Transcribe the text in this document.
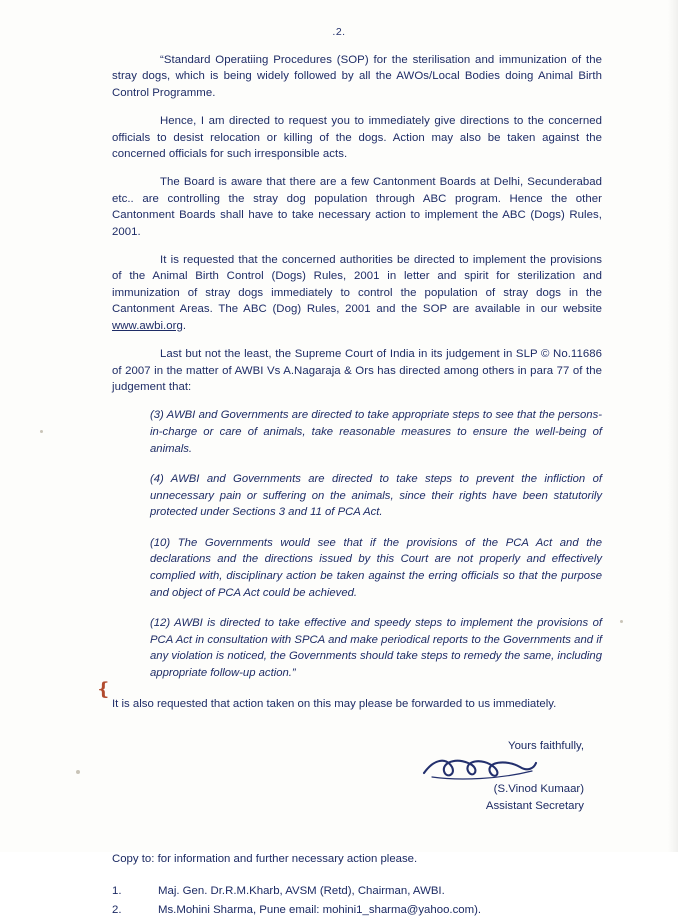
.2.

“Standard Operatiing Procedures (SOP) for the sterilisation and immunization of the stray dogs, which is being widely followed by all the AWOs/Local Bodies doing Animal Birth Control Programme.

Hence, I am directed to request you to immediately give directions to the concerned officials to desist relocation or killing of the dogs. Action may also be taken against the concerned officials for such irresponsible acts.

The Board is aware that there are a few Cantonment Boards at Delhi, Secunderabad etc.. are controlling the stray dog population through ABC program. Hence the other Cantonment Boards shall have to take necessary action to implement the ABC (Dogs) Rules, 2001.

It is requested that the concerned authorities be directed to implement the provisions of the Animal Birth Control (Dogs) Rules, 2001 in letter and spirit for sterilization and immunization of stray dogs immediately to control the population of stray dogs in the Cantonment Areas. The ABC (Dog) Rules, 2001 and the SOP are available in our website www.awbi.org.

Last but not the least, the Supreme Court of India in its judgement in SLP © No.11686 of 2007 in the matter of AWBI Vs A.Nagaraja & Ors has directed among others in para 77 of the judgement that:

(3) AWBI and Governments are directed to take appropriate steps to see that the persons-in-charge or care of animals, take reasonable measures to ensure the well-being of animals.
(4) AWBI and Governments are directed to take steps to prevent the infliction of unnecessary pain or suffering on the animals, since their rights have been statutorily protected under Sections 3 and 11 of PCA Act.
(10) The Governments would see that if the provisions of the PCA Act and the declarations and the directions issued by this Court are not properly and effectively complied with, disciplinary action be taken against the erring officials so that the purpose and object of PCA Act could be achieved.
(12) AWBI is directed to take effective and speedy steps to implement the provisions of PCA Act in consultation with SPCA and make periodical reports to the Governments and if any violation is noticed, the Governments should take steps to remedy the same, including appropriate follow-up action.”
It is also requested that action taken on this may please be forwarded to us immediately.
Yours faithfully,
(S.Vinod Kumaar)
Assistant Secretary
Copy to: for information and further necessary action please.
1.	Maj. Gen. Dr.R.M.Kharb, AVSM (Retd), Chairman, AWBI.
2.	Ms.Mohini Sharma, Pune email: mohini1_sharma@yahoo.com).
❴
